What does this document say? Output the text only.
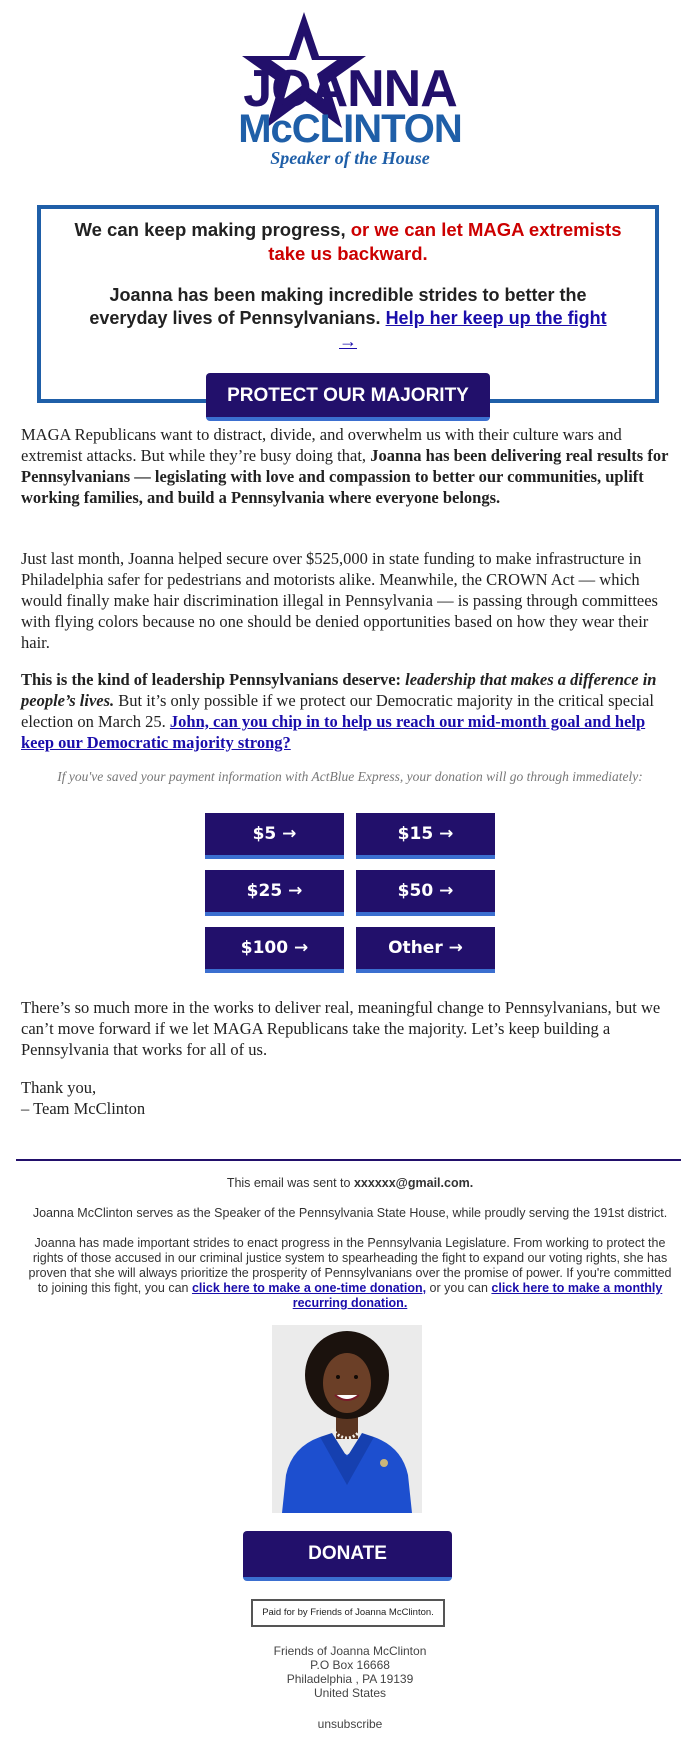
JOANNA
McCLINTON
Speaker of the House
We can keep making progress, or we can let MAGA extremists take us backward.
Joanna has been making incredible strides to better the everyday lives of Pennsylvanians. Help her keep up the fight →
PROTECT OUR MAJORITY
MAGA Republicans want to distract, divide, and overwhelm us with their culture wars and extremist attacks. But while they’re busy doing that, Joanna has been delivering real results for Pennsylvanians — legislating with love and compassion to better our communities, uplift working families, and build a Pennsylvania where everyone belongs.
Just last month, Joanna helped secure over $525,000 in state funding to make infrastructure in Philadelphia safer for pedestrians and motorists alike. Meanwhile, the CROWN Act — which would finally make hair discrimination illegal in Pennsylvania — is passing through committees with flying colors because no one should be denied opportunities based on how they wear their hair.
This is the kind of leadership Pennsylvanians deserve: leadership that makes a difference in people’s lives. But it’s only possible if we protect our Democratic majority in the critical special election on March 25. John, can you chip in to help us reach our mid-month goal and help keep our Democratic majority strong?
If you've saved your payment information with ActBlue Express, your donation will go through immediately:
$5 →	$15 →
$25 →	$50 →
$100 →	Other →
There’s so much more in the works to deliver real, meaningful change to Pennsylvanians, but we can’t move forward if we let MAGA Republicans take the majority. Let’s keep building a Pennsylvania that works for all of us.
Thank you,
– Team McClinton
This email was sent to xxxxxx@gmail.com.
Joanna McClinton serves as the Speaker of the Pennsylvania State House, while proudly serving the 191st district.
Joanna has made important strides to enact progress in the Pennsylvania Legislature. From working to protect the rights of those accused in our criminal justice system to spearheading the fight to expand our voting rights, she has proven that she will always prioritize the prosperity of Pennsylvanians over the promise of power. If you're committed to joining this fight, you can click here to make a one-time donation, or you can click here to make a monthly recurring donation.
DONATE
Paid for by Friends of Joanna McClinton.
Friends of Joanna McClinton
P.O Box 16668
Philadelphia , PA 19139
United States
unsubscribe
